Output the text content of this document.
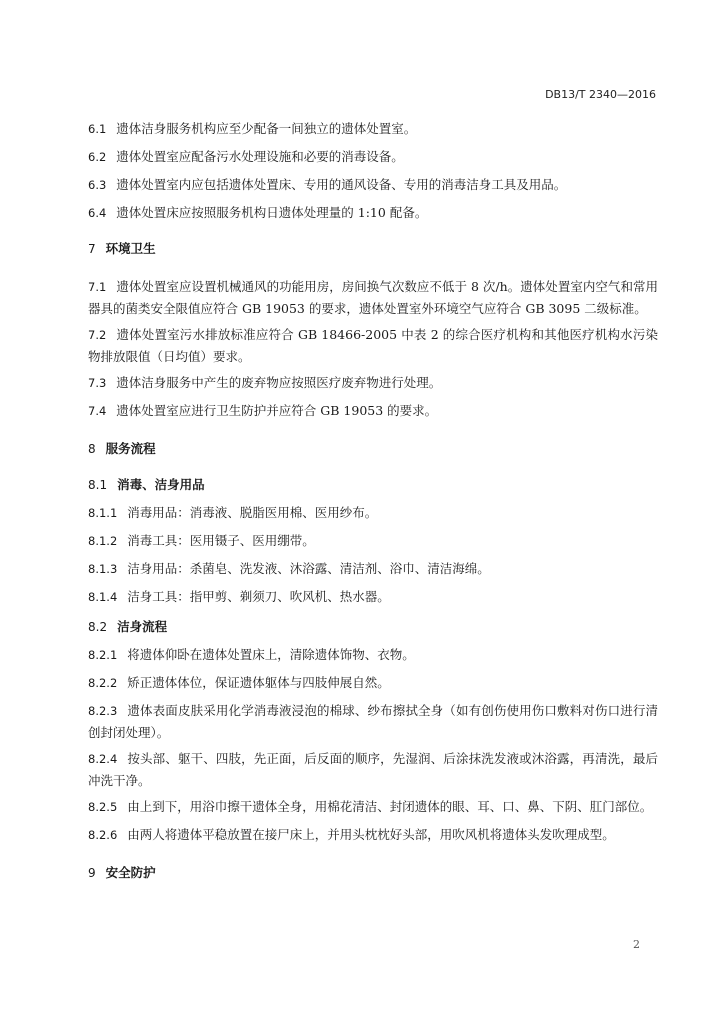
DB13/T 2340—2016

6.1 遗体洁身服务机构应至少配备一间独立的遗体处置室。

6.2 遗体处置室应配备污水处理设施和必要的消毒设备。

6.3 遗体处置室内应包括遗体处置床、专用的通风设备、专用的消毒洁身工具及用品。

6.4 遗体处置床应按照服务机构日遗体处理量的 1:10 配备。

7 环境卫生

7.1 遗体处置室应设置机械通风的功能用房，房间换气次数应不低于 8 次/h。遗体处置室内空气和常用器具的菌类安全限值应符合 GB 19053 的要求，遗体处置室外环境空气应符合 GB 3095 二级标准。

7.2 遗体处置室污水排放标准应符合 GB 18466-2005 中表 2 的综合医疗机构和其他医疗机构水污染物排放限值（日均值）要求。

7.3 遗体洁身服务中产生的废弃物应按照医疗废弃物进行处理。

7.4 遗体处置室应进行卫生防护并应符合 GB 19053 的要求。

8 服务流程

8.1 消毒、洁身用品

8.1.1 消毒用品：消毒液、脱脂医用棉、医用纱布。

8.1.2 消毒工具：医用镊子、医用绷带。

8.1.3 洁身用品：杀菌皂、洗发液、沐浴露、清洁剂、浴巾、清洁海绵。

8.1.4 洁身工具：指甲剪、剃须刀、吹风机、热水器。

8.2 洁身流程

8.2.1 将遗体仰卧在遗体处置床上，清除遗体饰物、衣物。

8.2.2 矫正遗体体位，保证遗体躯体与四肢伸展自然。

8.2.3 遗体表面皮肤采用化学消毒液浸泡的棉球、纱布擦拭全身（如有创伤使用伤口敷料对伤口进行清创封闭处理）。

8.2.4 按头部、躯干、四肢，先正面，后反面的顺序，先湿润、后涂抹洗发液或沐浴露，再清洗，最后冲洗干净。

8.2.5 由上到下，用浴巾擦干遗体全身，用棉花清洁、封闭遗体的眼、耳、口、鼻、下阴、肛门部位。

8.2.6 由两人将遗体平稳放置在接尸床上，并用头枕枕好头部，用吹风机将遗体头发吹理成型。

9 安全防护

2
